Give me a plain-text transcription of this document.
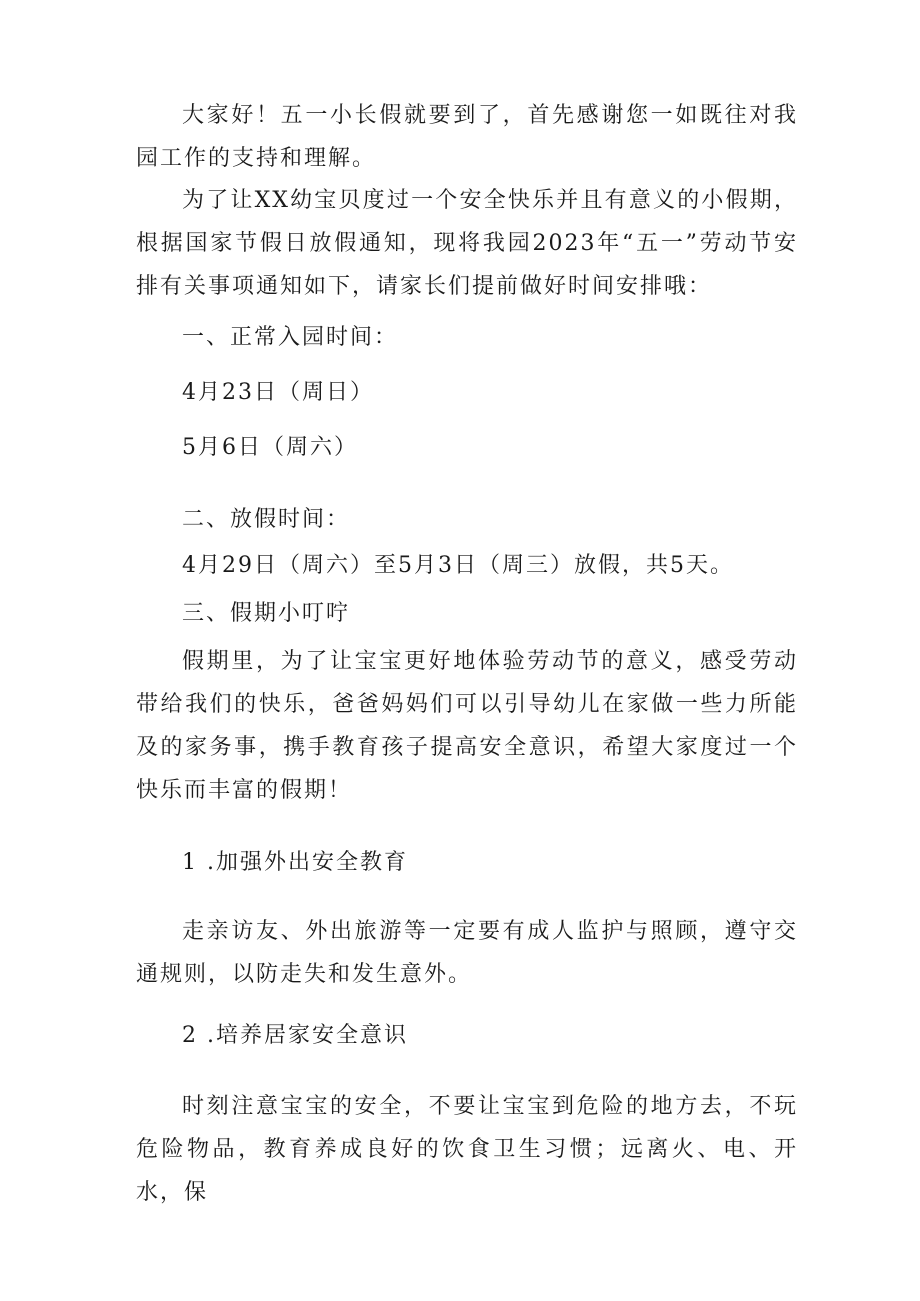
大家好！五一小长假就要到了，首先感谢您一如既往对我园工作的支持和理解。

为了让XX幼宝贝度过一个安全快乐并且有意义的小假期，根据国家节假日放假通知，现将我园2023年“五一”劳动节安排有关事项通知如下，请家长们提前做好时间安排哦：

一、正常入园时间：
4月23日（周日）
5月6日（周六）
二、放假时间：
4月29日（周六）至5月3日（周三）放假，共5天。
三、假期小叮咛

假期里，为了让宝宝更好地体验劳动节的意义，感受劳动带给我们的快乐，爸爸妈妈们可以引导幼儿在家做一些力所能及的家务事，携手教育孩子提高安全意识，希望大家度过一个快乐而丰富的假期！

1 .加强外出安全教育

走亲访友、外出旅游等一定要有成人监护与照顾，遵守交通规则，以防走失和发生意外。

2 .培养居家安全意识

时刻注意宝宝的安全，不要让宝宝到危险的地方去，不玩危险物品，教育养成良好的饮食卫生习惯；远离火、电、开水，保
